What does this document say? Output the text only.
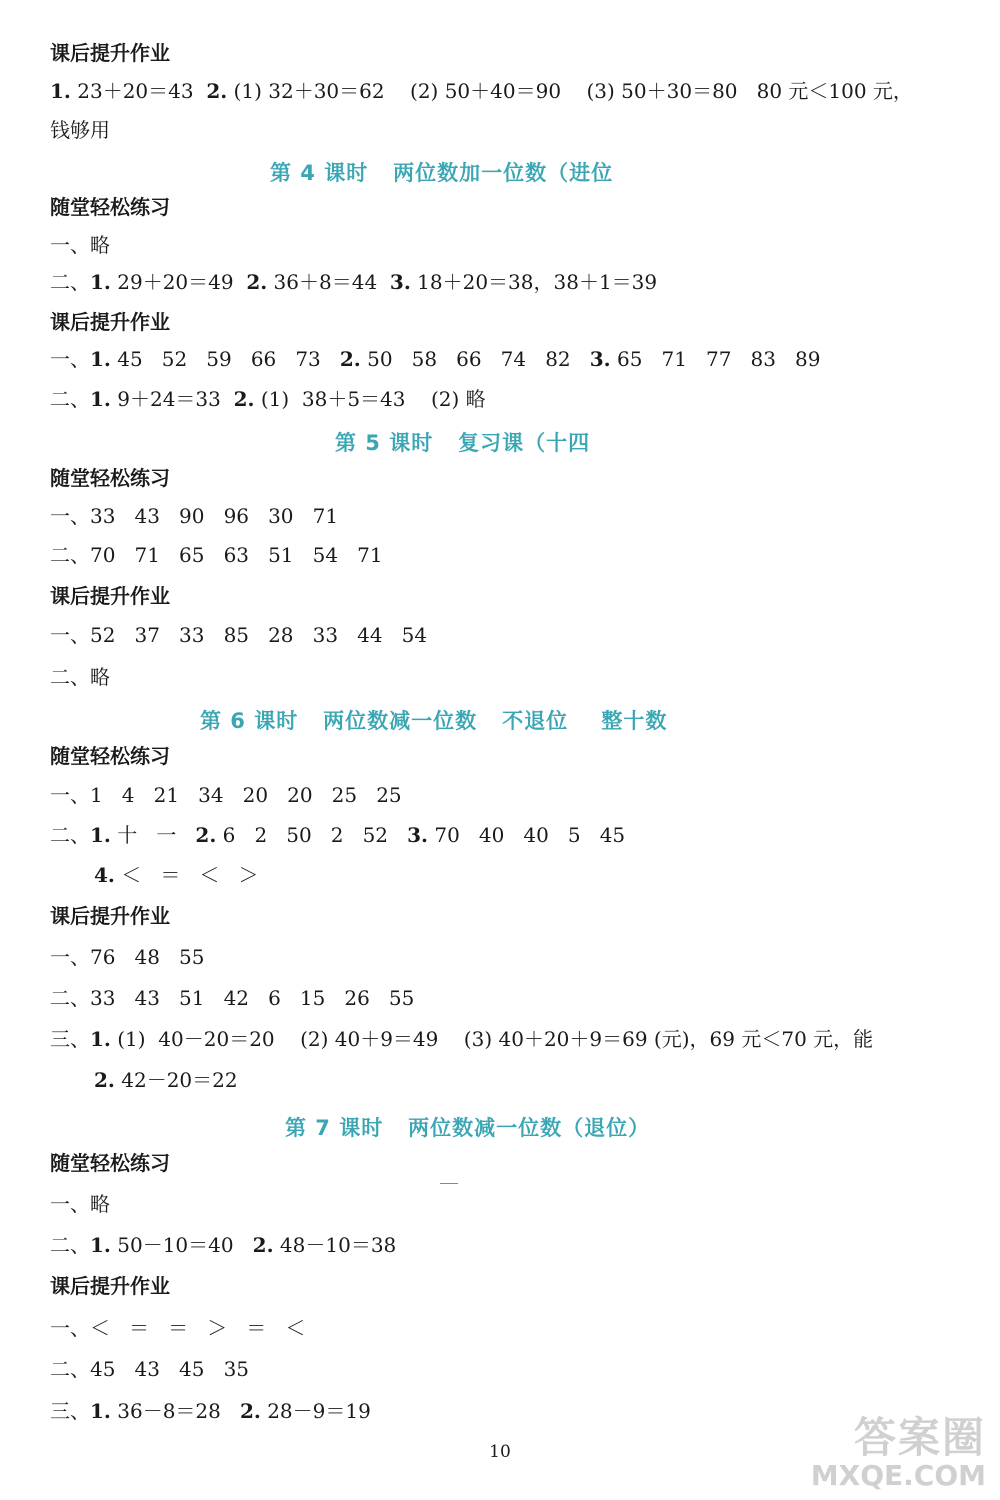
课后提升作业
1. 23＋20＝43  2. (1) 32＋30＝62    (2) 50＋40＝90    (3) 50＋30＝80   80 元＜100 元，
钱够用
第 4 课时   两位数加一位数（进位
随堂轻松练习
一、略
二、1. 29＋20＝49  2. 36＋8＝44  3. 18＋20＝38，38＋1＝39
课后提升作业
一、1. 45   52   59   66   73   2. 50   58   66   74   82   3. 65   71   77   83   89
二、1. 9＋24＝33  2. (1)  38＋5＝43    (2) 略
第 5 课时   复习课（十四
随堂轻松练习
一、33   43   90   96   30   71
二、70   71   65   63   51   54   71
课后提升作业
一、52   37   33   85   28   33   44   54
二、略
第 6 课时   两位数减一位数   不退位    整十数
随堂轻松练习
一、1   4   21   34   20   20   25   25
二、1. 十   一   2. 6   2   50   2   52   3. 70   40   40   5   45
4. ＜   ＝   ＜   ＞
课后提升作业
一、76   48   55
二、33   43   51   42   6   15   26   55
三、1. (1)  40－20＝20    (2) 40＋9＝49    (3) 40＋20＋9＝69 (元)，69 元＜70 元，能
2. 42－20＝22
第 7 课时   两位数减一位数（退位）
随堂轻松练习
一、略
二、1. 50－10＝40   2. 48－10＝38
课后提升作业
一、＜   ＝   ＝   ＞   ＝   ＜
二、45   43   45   35
三、1. 36－8＝28   2. 28－9＝19
10	答案圈
MXQE.COM
